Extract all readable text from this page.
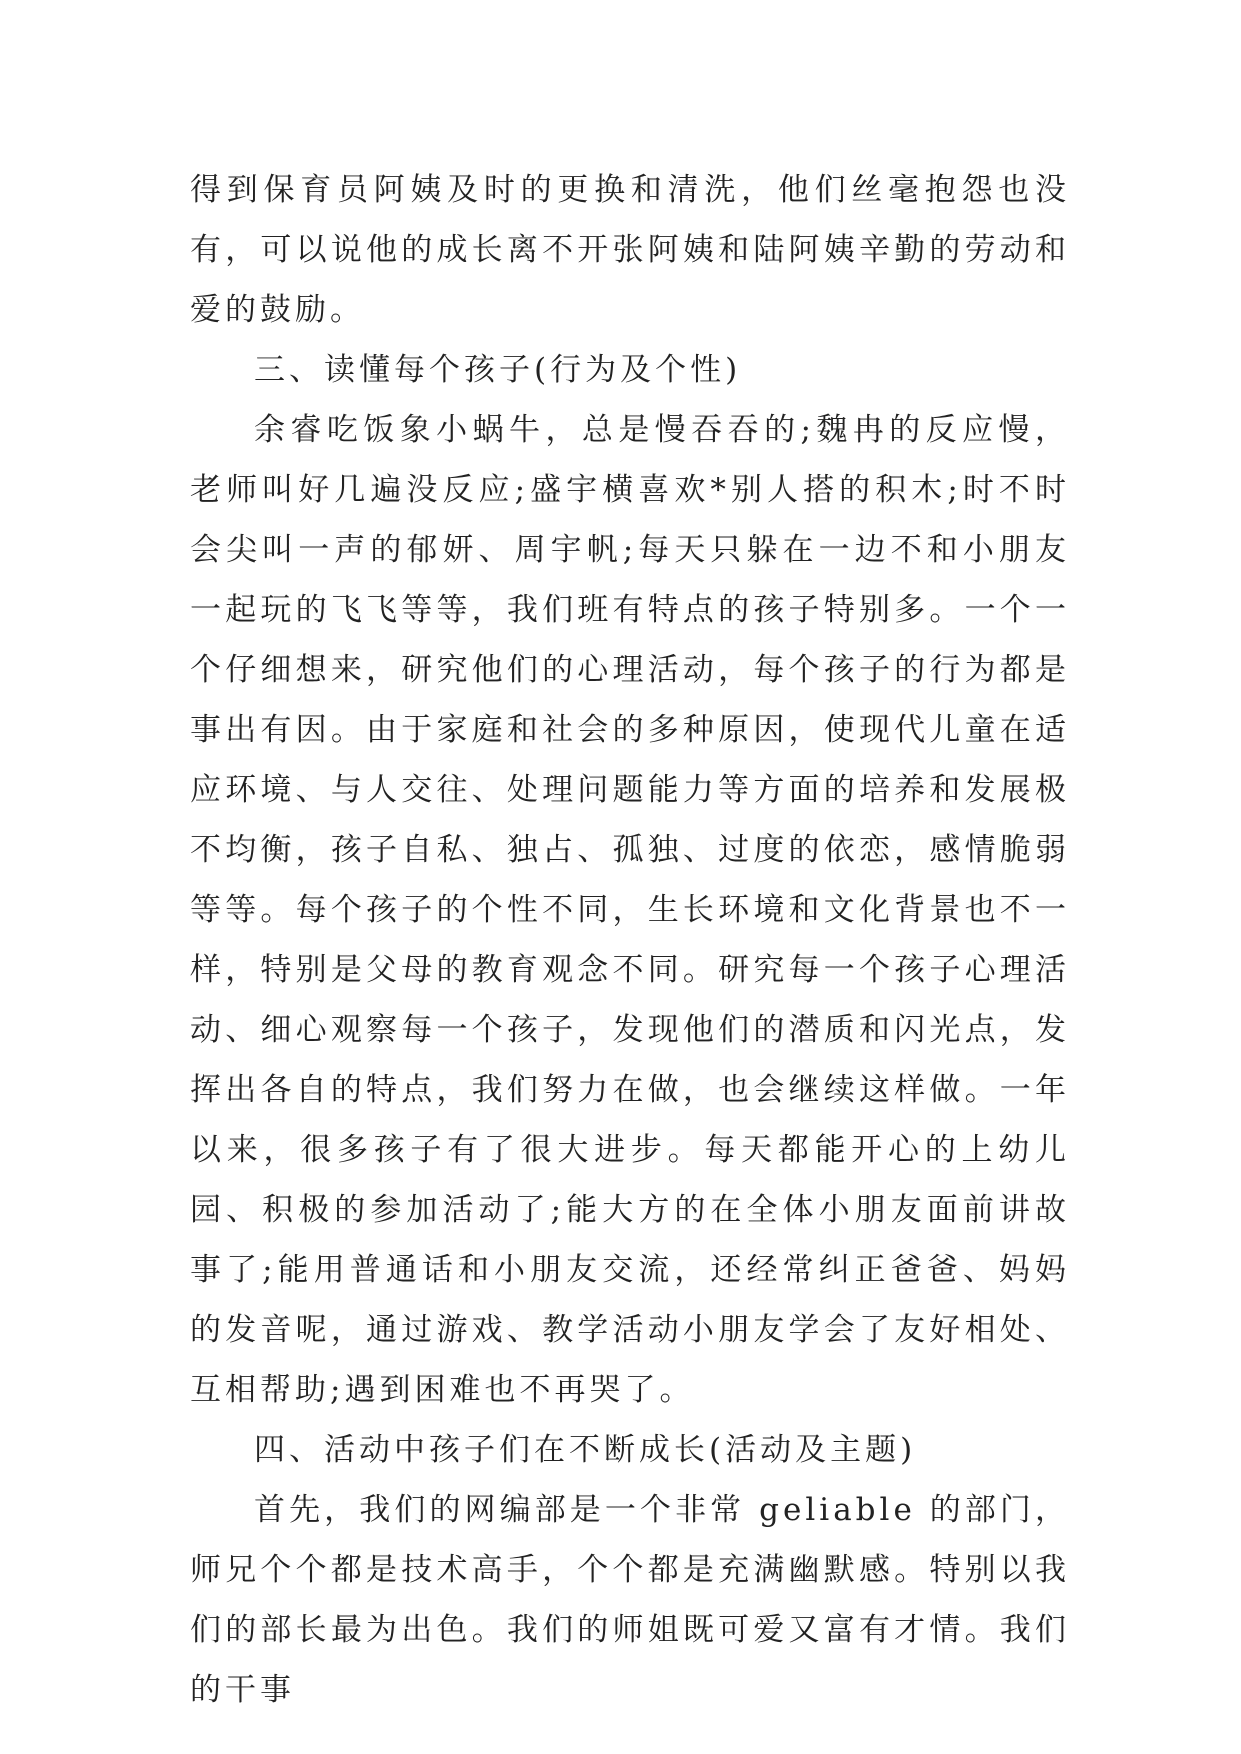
得到保育员阿姨及时的更换和清洗，他们丝毫抱怨也没有，可以说他的成长离不开张阿姨和陆阿姨辛勤的劳动和爱的鼓励。

三、读懂每个孩子(行为及个性)

余睿吃饭象小蜗牛，总是慢吞吞的;魏冉的反应慢，老师叫好几遍没反应;盛宇横喜欢*别人搭的积木;时不时会尖叫一声的郁妍、周宇帆;每天只躲在一边不和小朋友一起玩的飞飞等等，我们班有特点的孩子特别多。一个一个仔细想来，研究他们的心理活动，每个孩子的行为都是事出有因。由于家庭和社会的多种原因，使现代儿童在适应环境、与人交往、处理问题能力等方面的培养和发展极不均衡，孩子自私、独占、孤独、过度的依恋，感情脆弱等等。每个孩子的个性不同，生长环境和文化背景也不一样，特别是父母的教育观念不同。研究每一个孩子心理活动、细心观察每一个孩子，发现他们的潜质和闪光点，发挥出各自的特点，我们努力在做，也会继续这样做。一年以来，很多孩子有了很大进步。每天都能开心的上幼儿园、积极的参加活动了;能大方的在全体小朋友面前讲故事了;能用普通话和小朋友交流，还经常纠正爸爸、妈妈的发音呢，通过游戏、教学活动小朋友学会了友好相处、互相帮助;遇到困难也不再哭了。

四、活动中孩子们在不断成长(活动及主题)

首先，我们的网编部是一个非常 geliable 的部门，师兄个个都是技术高手，个个都是充满幽默感。特别以我们的部长最为出色。我们的师姐既可爱又富有才情。我们的干事
